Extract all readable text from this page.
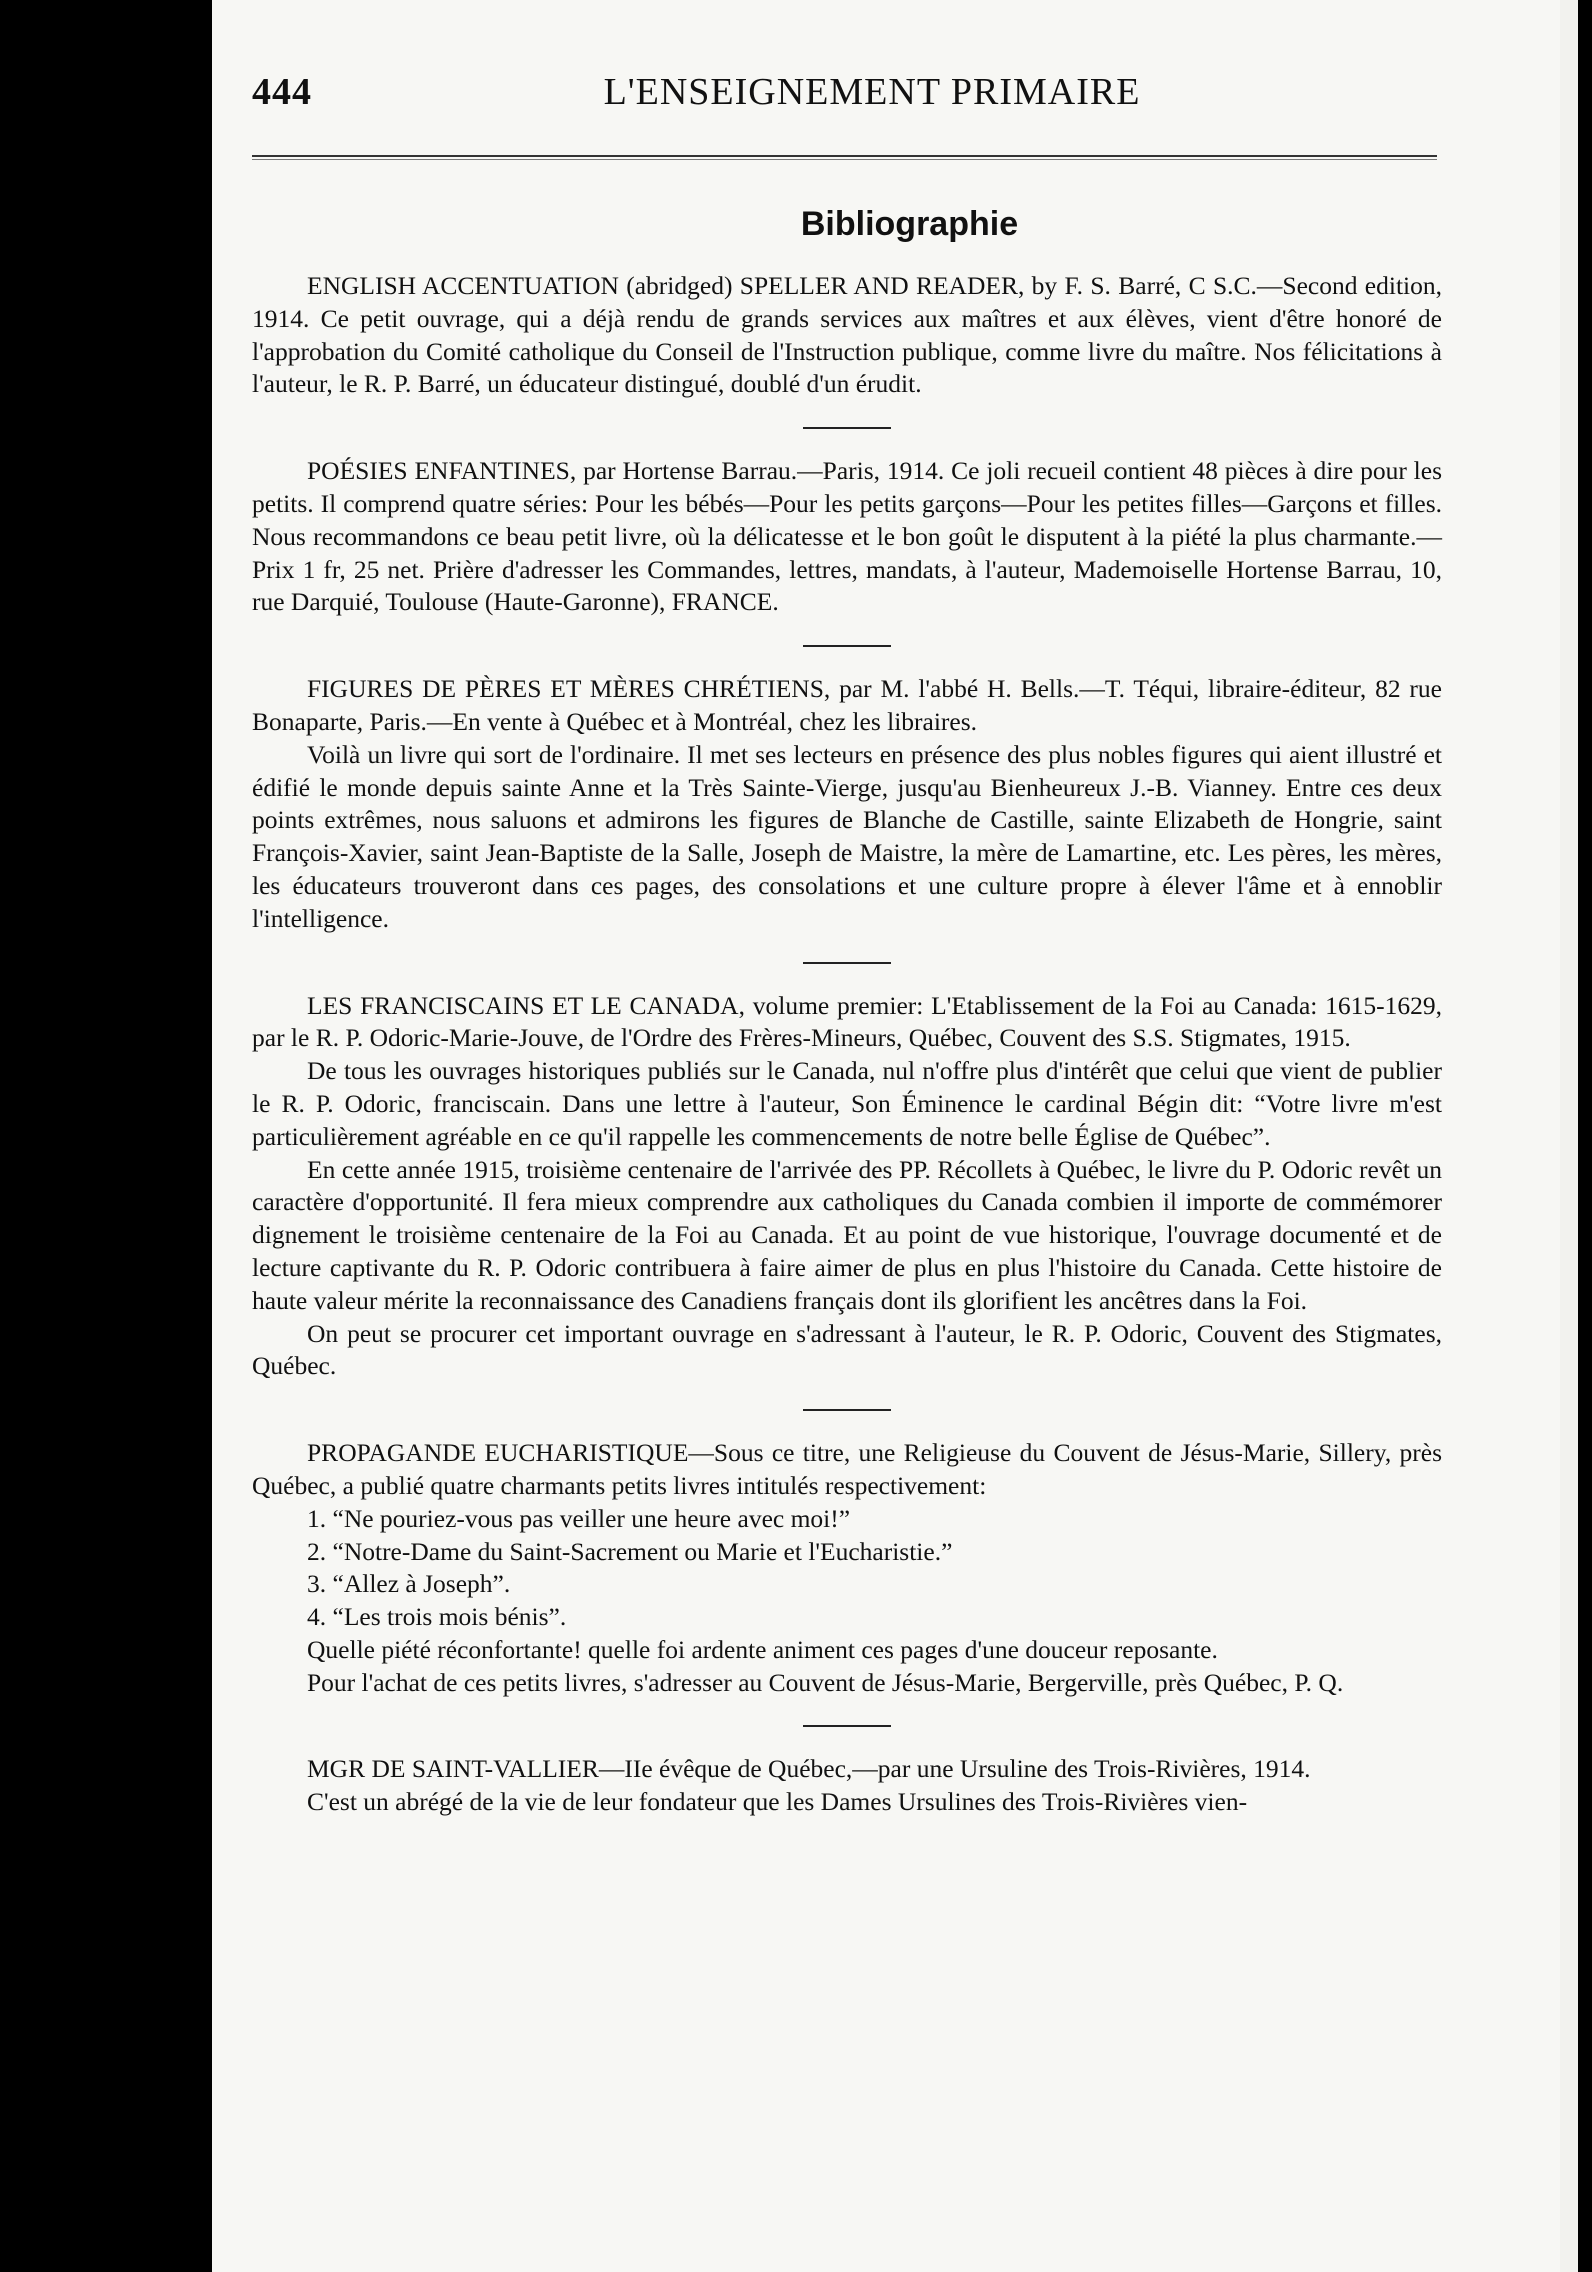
444	L'ENSEIGNEMENT PRIMAIRE
Bibliographie

ENGLISH ACCENTUATION (abridged) SPELLER AND READER, by F. S. Barré, C S.C.—Second edition, 1914. Ce petit ouvrage, qui a déjà rendu de grands services aux maîtres et aux élèves, vient d'être honoré de l'approbation du Comité catholique du Conseil de l'Instruction publique, comme livre du maître. Nos félicitations à l'auteur, le R. P. Barré, un éducateur distingué, doublé d'un érudit.

POÉSIES ENFANTINES, par Hortense Barrau.—Paris, 1914. Ce joli recueil contient 48 pièces à dire pour les petits. Il comprend quatre séries: Pour les bébés—Pour les petits garçons—Pour les petites filles—Garçons et filles. Nous recommandons ce beau petit livre, où la délicatesse et le bon goût le disputent à la piété la plus charmante.—Prix 1 fr, 25 net. Prière d'adresser les Commandes, lettres, mandats, à l'auteur, Mademoiselle Hortense Barrau, 10, rue Darquié, Toulouse (Haute-Garonne), FRANCE.

FIGURES DE PÈRES ET MÈRES CHRÉTIENS, par M. l'abbé H. Bells.—T. Téqui, libraire-éditeur, 82 rue Bonaparte, Paris.—En vente à Québec et à Montréal, chez les libraires.

Voilà un livre qui sort de l'ordinaire. Il met ses lecteurs en présence des plus nobles figures qui aient illustré et édifié le monde depuis sainte Anne et la Très Sainte-Vierge, jusqu'au Bienheureux J.-B. Vianney. Entre ces deux points extrêmes, nous saluons et admirons les figures de Blanche de Castille, sainte Elizabeth de Hongrie, saint François-Xavier, saint Jean-Baptiste de la Salle, Joseph de Maistre, la mère de Lamartine, etc. Les pères, les mères, les éducateurs trouveront dans ces pages, des consolations et une culture propre à élever l'âme et à ennoblir l'intelligence.

LES FRANCISCAINS ET LE CANADA, volume premier: L'Etablissement de la Foi au Canada: 1615-1629, par le R. P. Odoric-Marie-Jouve, de l'Ordre des Frères-Mineurs, Québec, Couvent des S.S. Stigmates, 1915.

De tous les ouvrages historiques publiés sur le Canada, nul n'offre plus d'intérêt que celui que vient de publier le R. P. Odoric, franciscain. Dans une lettre à l'auteur, Son Éminence le cardinal Bégin dit: “Votre livre m'est particulièrement agréable en ce qu'il rappelle les commencements de notre belle Église de Québec”.

En cette année 1915, troisième centenaire de l'arrivée des PP. Récollets à Québec, le livre du P. Odoric revêt un caractère d'opportunité. Il fera mieux comprendre aux catholiques du Canada combien il importe de commémorer dignement le troisième centenaire de la Foi au Canada. Et au point de vue historique, l'ouvrage documenté et de lecture captivante du R. P. Odoric contribuera à faire aimer de plus en plus l'histoire du Canada. Cette histoire de haute valeur mérite la reconnaissance des Canadiens français dont ils glorifient les ancêtres dans la Foi.

On peut se procurer cet important ouvrage en s'adressant à l'auteur, le R. P. Odoric, Couvent des Stigmates, Québec.

PROPAGANDE EUCHARISTIQUE—Sous ce titre, une Religieuse du Couvent de Jésus-Marie, Sillery, près Québec, a publié quatre charmants petits livres intitulés respectivement:

1. “Ne pouriez-vous pas veiller une heure avec moi!”

2. “Notre-Dame du Saint-Sacrement ou Marie et l'Eucharistie.”

3. “Allez à Joseph”.

4. “Les trois mois bénis”.

Quelle piété réconfortante! quelle foi ardente animent ces pages d'une douceur reposante.

Pour l'achat de ces petits livres, s'adresser au Couvent de Jésus-Marie, Bergerville, près Québec, P. Q.

MGR DE SAINT-VALLIER—IIe évêque de Québec,—par une Ursuline des Trois-Rivières, 1914.

C'est un abrégé de la vie de leur fondateur que les Dames Ursulines des Trois-Rivières vien-
